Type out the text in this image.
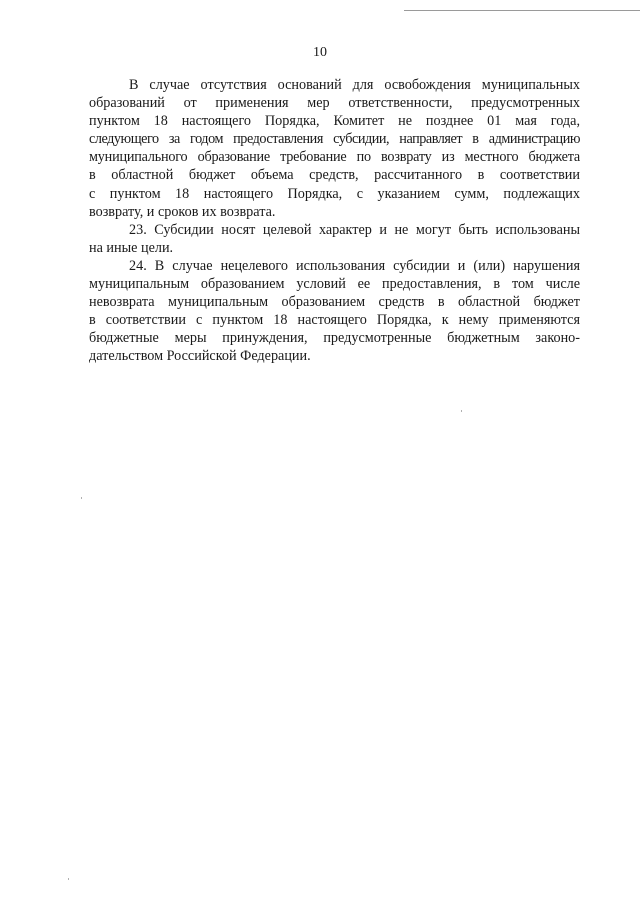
10
В случае отсутствия оснований для освобождения муниципальных
образований от применения мер ответственности, предусмотренных
пунктом 18 настоящего Порядка, Комитет не позднее 01 мая года,
следующего за годом предоставления субсидии, направляет в администрацию
муниципального образование требование по возврату из местного бюджета
в областной бюджет объема средств, рассчитанного в соответствии
с пунктом 18 настоящего Порядка, с указанием сумм, подлежащих
возврату, и сроков их возврата.
23. Субсидии носят целевой характер и не могут быть использованы
на иные цели.
24. В случае нецелевого использования субсидии и (или) нарушения
муниципальным образованием условий ее предоставления, в том числе
невозврата муниципальным образованием средств в областной бюджет
в соответствии с пунктом 18 настоящего Порядка, к нему применяются
бюджетные меры принуждения, предусмотренные бюджетным законо-
дательством Российской Федерации.
